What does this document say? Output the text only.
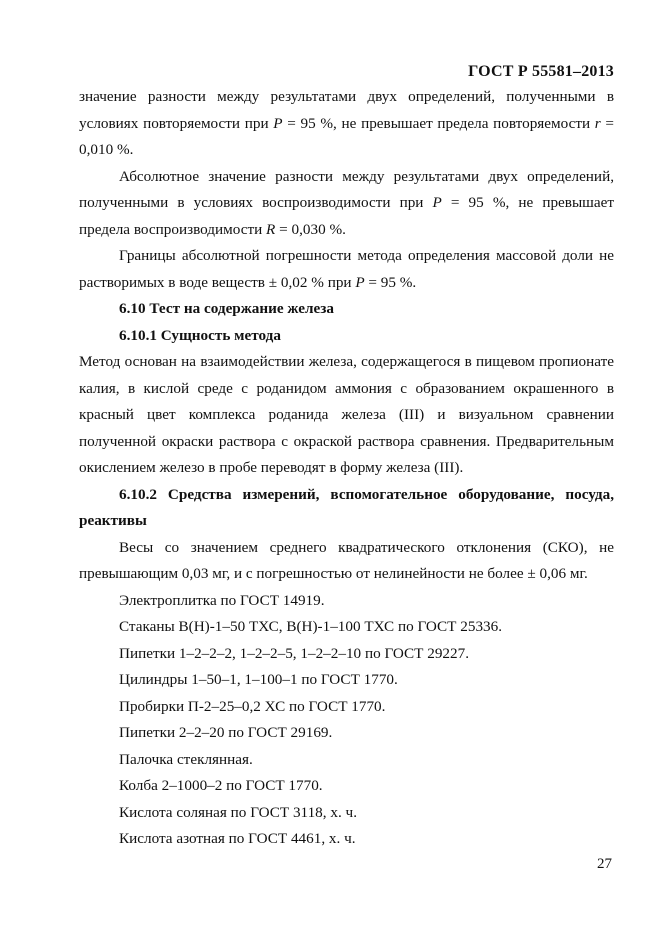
ГОСТ Р 55581–2013

значение разности между результатами двух определений, полученными в условиях повторяемости при P = 95 %, не превышает предела повторяемости r = 0,010 %.

Абсолютное значение разности между результатами двух определений, полученными в условиях воспроизводимости при P = 95 %, не превышает предела воспроизводимости R = 0,030 %.

Границы абсолютной погрешности метода определения массовой доли не растворимых в воде веществ ± 0,02 % при P = 95 %.

6.10 Тест на содержание железа

6.10.1 Сущность метода

Метод основан на взаимодействии железа, содержащегося в пищевом пропионате калия, в кислой среде с роданидом аммония с образованием окрашенного в красный цвет комплекса роданида железа (III) и визуальном сравнении полученной окраски раствора с окраской раствора сравнения. Предварительным окислением железо в пробе переводят в форму железа (III).

6.10.2 Средства измерений, вспомогательное оборудование, посуда, реактивы

Весы со значением среднего квадратического отклонения (СКО), не превышающим 0,03 мг, и с погрешностью от нелинейности не более ± 0,06 мг.

Электроплитка по ГОСТ 14919.

Стаканы В(Н)-1–50 ТХС, В(Н)-1–100 ТХС по ГОСТ 25336.

Пипетки 1–2–2–2, 1–2–2–5, 1–2–2–10 по ГОСТ 29227.

Цилиндры 1–50–1, 1–100–1 по ГОСТ 1770.

Пробирки П-2–25–0,2 ХС по ГОСТ 1770.

Пипетки 2–2–20 по ГОСТ 29169.

Палочка стеклянная.

Колба 2–1000–2 по ГОСТ 1770.

Кислота соляная по ГОСТ 3118, х. ч.

Кислота азотная по ГОСТ 4461, х. ч.

27
